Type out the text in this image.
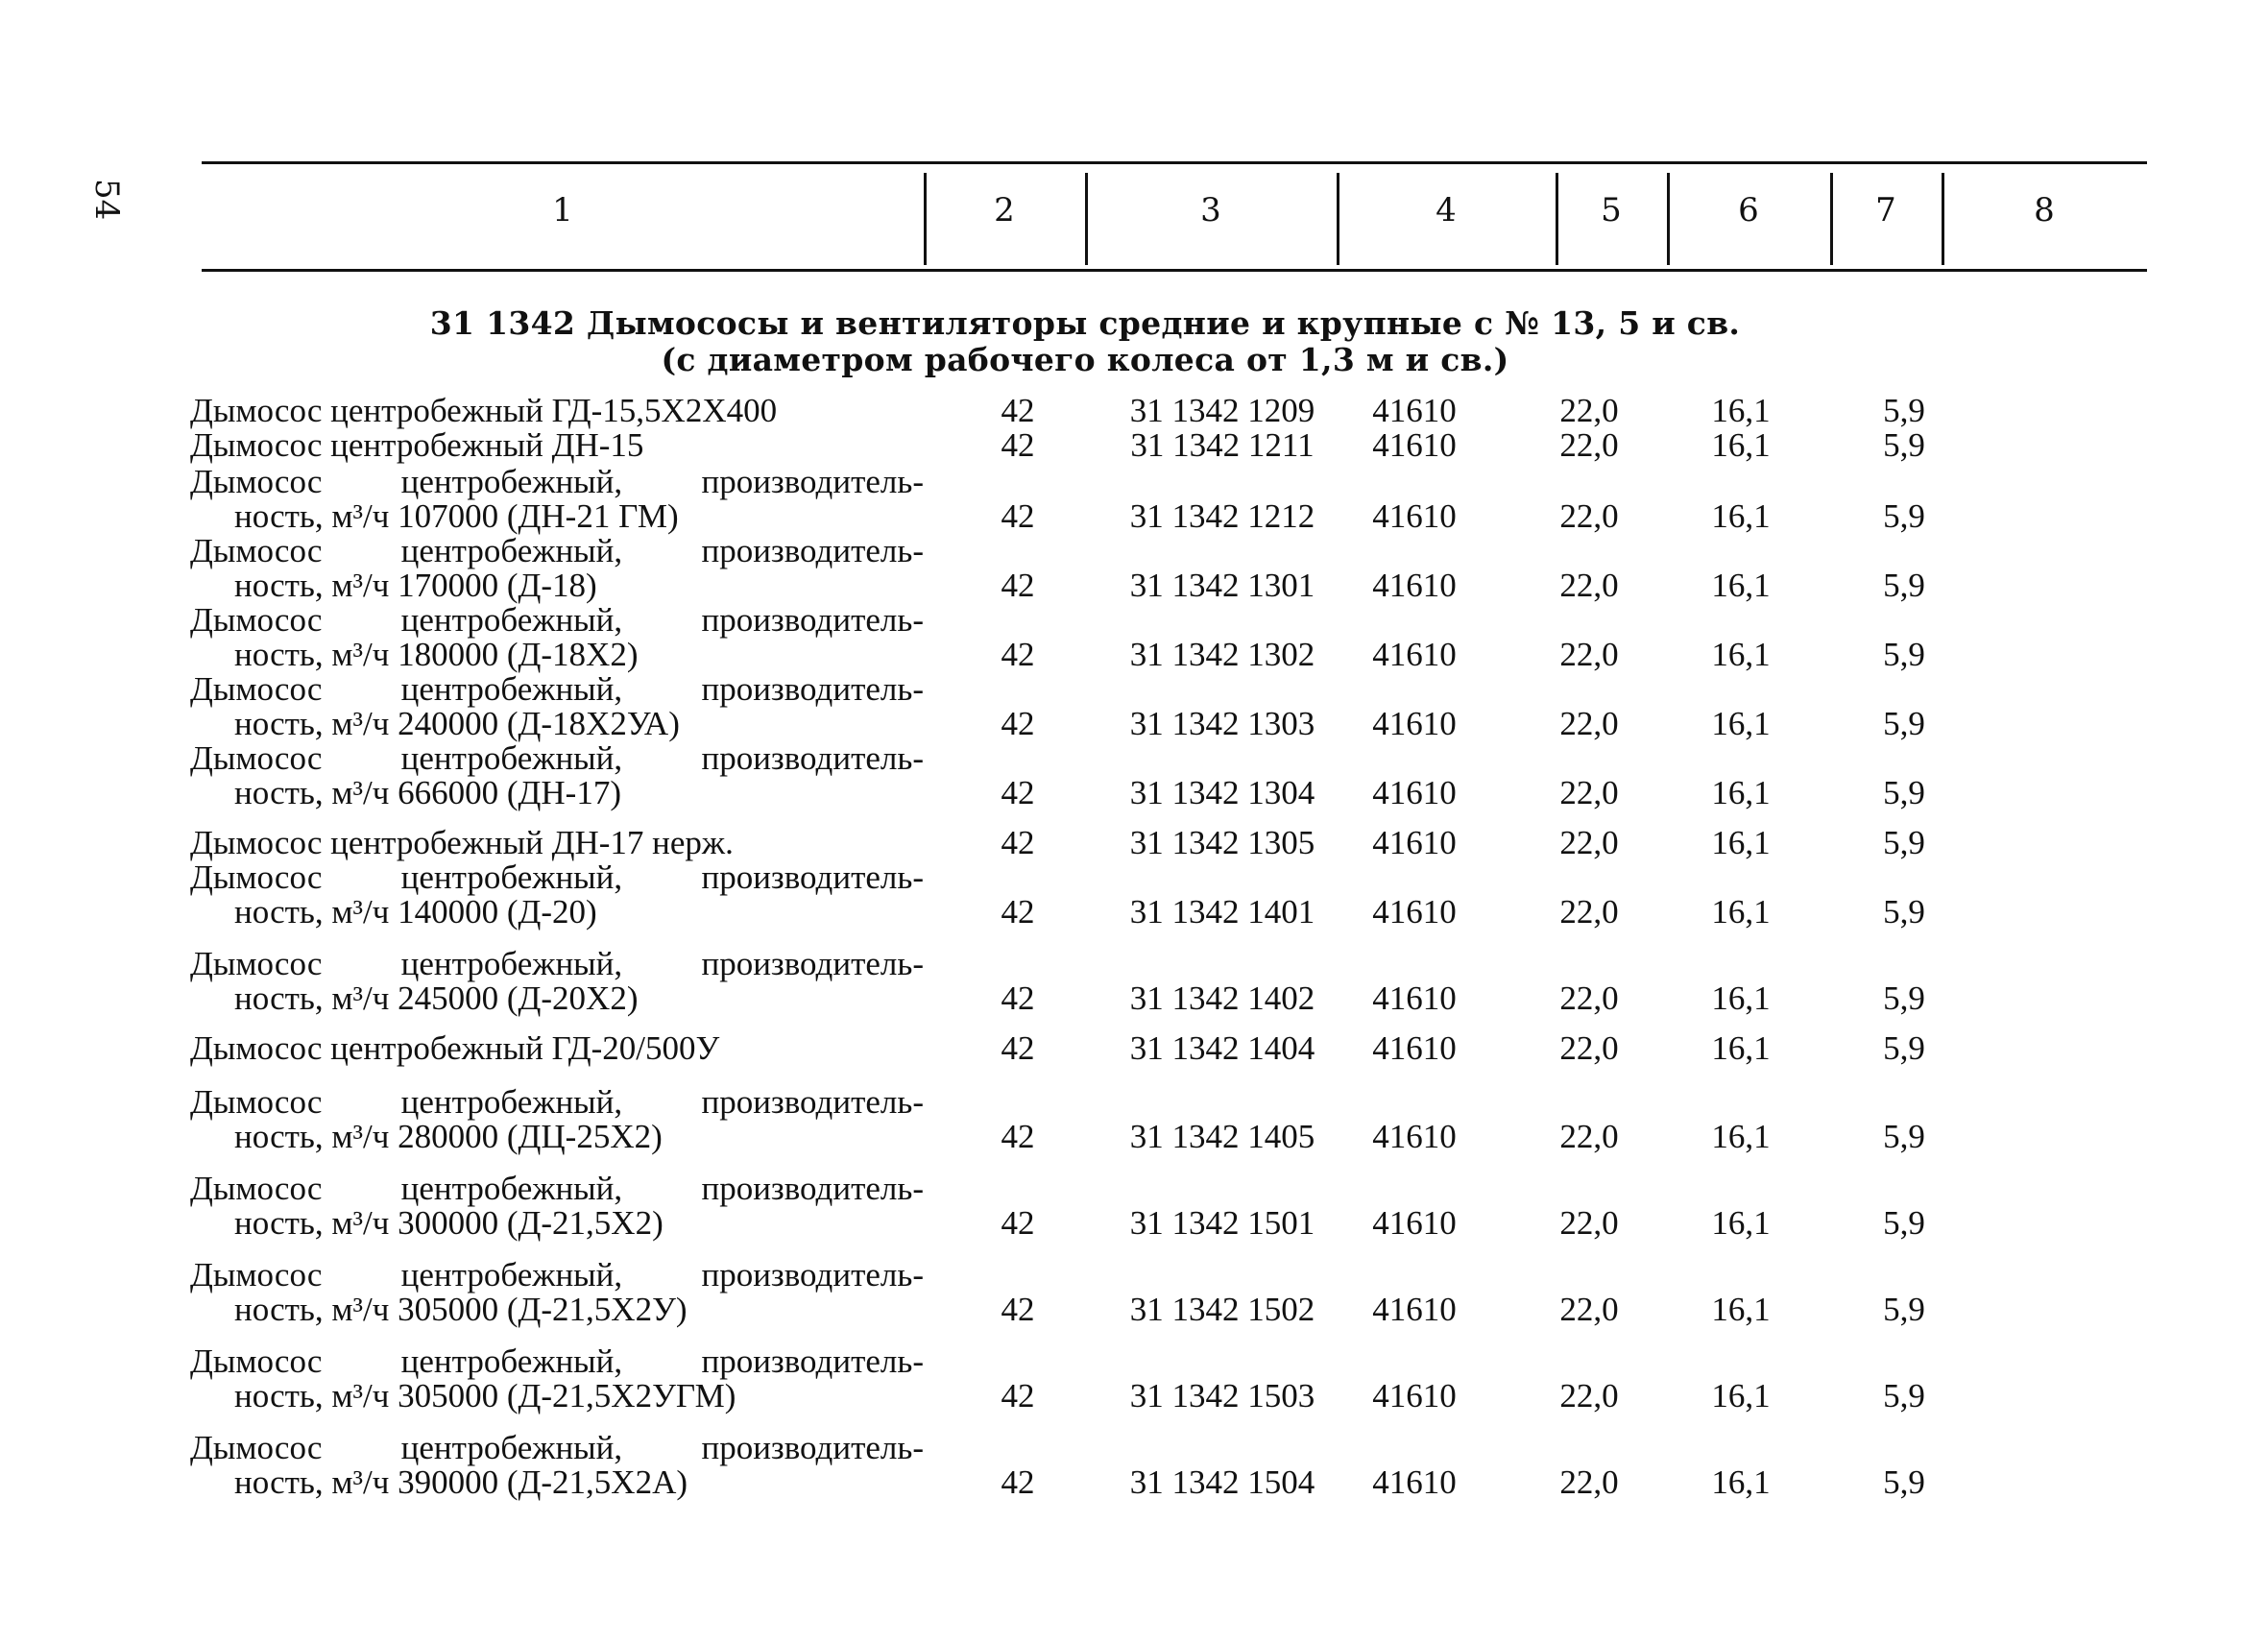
54	1	2	3	4	5	6	7	8
31 1342 Дымососы и вентиляторы средние и крупные с № 13, 5 и св.
(с диаметром рабочего колеса от 1,3 м и св.)
Дымосос центробежный ГД-15,5Х2Х400	42	31 1342 1209	41610	22,0	16,1	5,9
Дымосос центробежный ДН-15	42	31 1342 1211	41610	22,0	16,1	5,9
Дымосос центробежный, производитель-
ность, м³/ч 107000 (ДН-21 ГМ)	42	31 1342 1212	41610	22,0	16,1	5,9
Дымосос центробежный, производитель-
ность, м³/ч 170000 (Д-18)	42	31 1342 1301	41610	22,0	16,1	5,9
Дымосос центробежный, производитель-
ность, м³/ч 180000 (Д-18Х2)	42	31 1342 1302	41610	22,0	16,1	5,9
Дымосос центробежный, производитель-
ность, м³/ч 240000 (Д-18Х2УА)	42	31 1342 1303	41610	22,0	16,1	5,9
Дымосос центробежный, производитель-
ность, м³/ч 666000 (ДН-17)	42	31 1342 1304	41610	22,0	16,1	5,9
Дымосос центробежный ДН-17 нерж.	42	31 1342 1305	41610	22,0	16,1	5,9
Дымосос центробежный, производитель-
ность, м³/ч 140000 (Д-20)	42	31 1342 1401	41610	22,0	16,1	5,9
Дымосос центробежный, производитель-
ность, м³/ч 245000 (Д-20Х2)	42	31 1342 1402	41610	22,0	16,1	5,9
Дымосос центробежный ГД-20/500У	42	31 1342 1404	41610	22,0	16,1	5,9
Дымосос центробежный, производитель-
ность, м³/ч 280000 (ДЦ-25Х2)	42	31 1342 1405	41610	22,0	16,1	5,9
Дымосос центробежный, производитель-
ность, м³/ч 300000 (Д-21,5Х2)	42	31 1342 1501	41610	22,0	16,1	5,9
Дымосос центробежный, производитель-
ность, м³/ч 305000 (Д-21,5Х2У)	42	31 1342 1502	41610	22,0	16,1	5,9
Дымосос центробежный, производитель-
ность, м³/ч 305000 (Д-21,5Х2УГМ)	42	31 1342 1503	41610	22,0	16,1	5,9
Дымосос центробежный, производитель-
ность, м³/ч 390000 (Д-21,5Х2А)	42	31 1342 1504	41610	22,0	16,1	5,9
